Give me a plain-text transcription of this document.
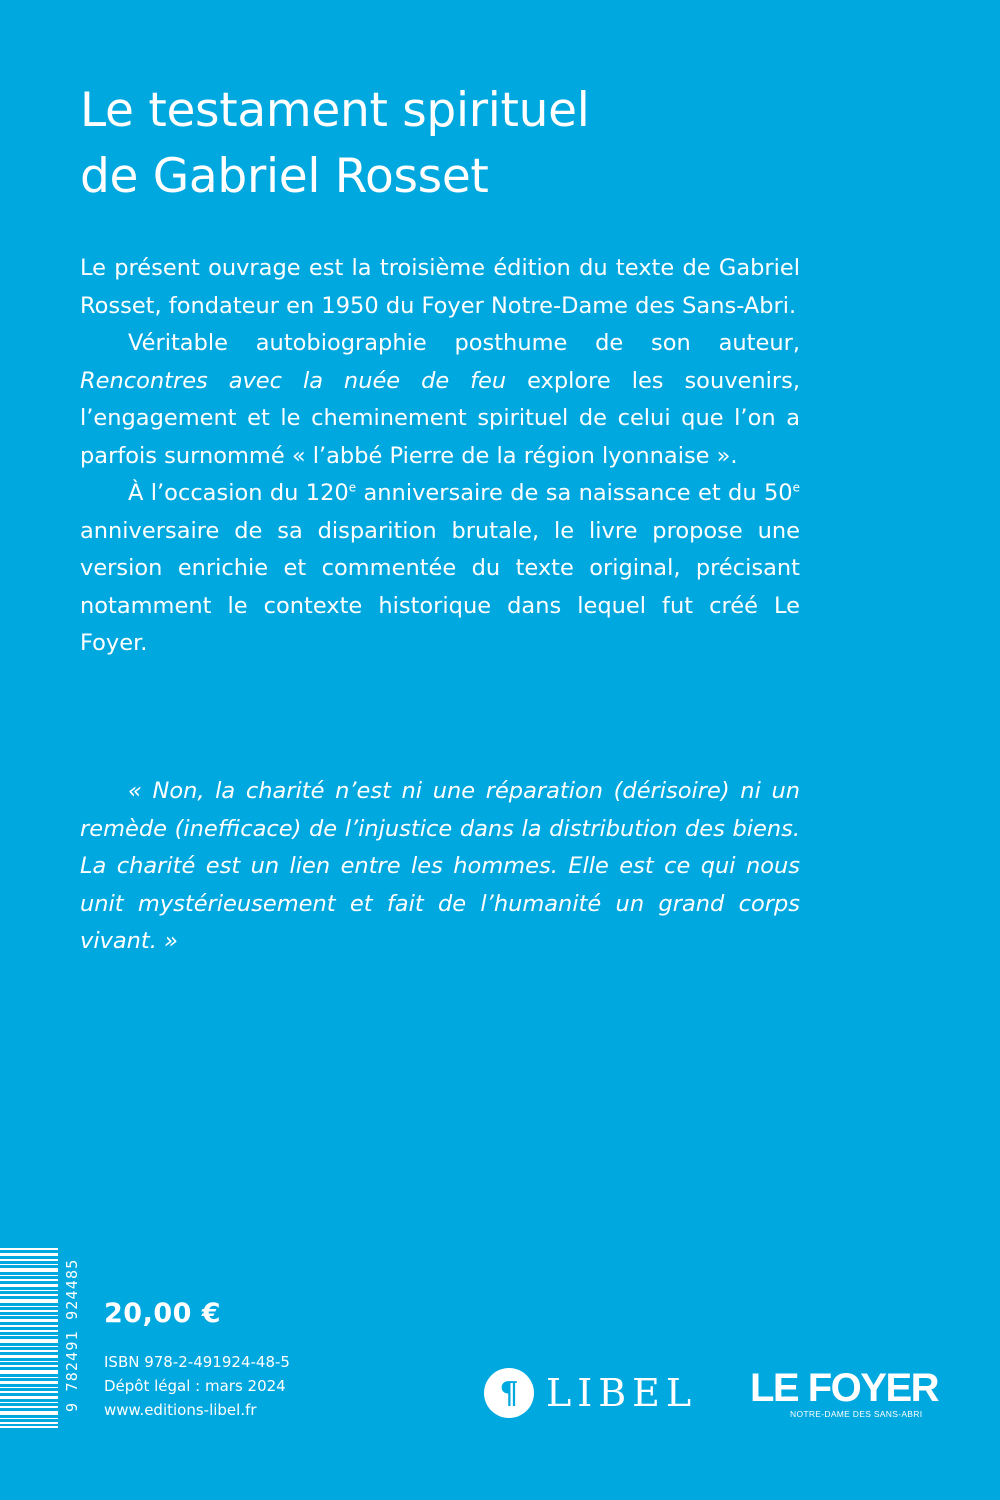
Le testament spirituel
de Gabriel Rosset

Le présent ouvrage est la troisième édition du texte de Gabriel Rosset, fondateur en 1950 du Foyer Notre-Dame des Sans-Abri.

Véritable autobiographie posthume de son auteur, Rencontres avec la nuée de feu explore les souvenirs, l’engagement et le cheminement spirituel de celui que l’on a parfois surnommé « l’abbé Pierre de la région lyonnaise ».

À l’occasion du 120e anniversaire de sa naissance et du 50e anniversaire de sa disparition brutale, le livre propose une version enrichie et commentée du texte original, précisant notamment le contexte historique dans lequel fut créé Le Foyer.

« Non, la charité n’est ni une réparation (dérisoire) ni un remède (inefficace) de l’injustice dans la distribution des biens. La charité est un lien entre les hommes. Elle est ce qui nous unit mystérieusement et fait de l’humanité un grand corps vivant. »

9 782491 924485 20,00 €
ISBN 978-2-491924-48-5
Dépôt légal : mars 2024
www.editions-libel.fr	¶ LIBEL LE FOYER
NOTRE-DAME DES SANS-ABRI
